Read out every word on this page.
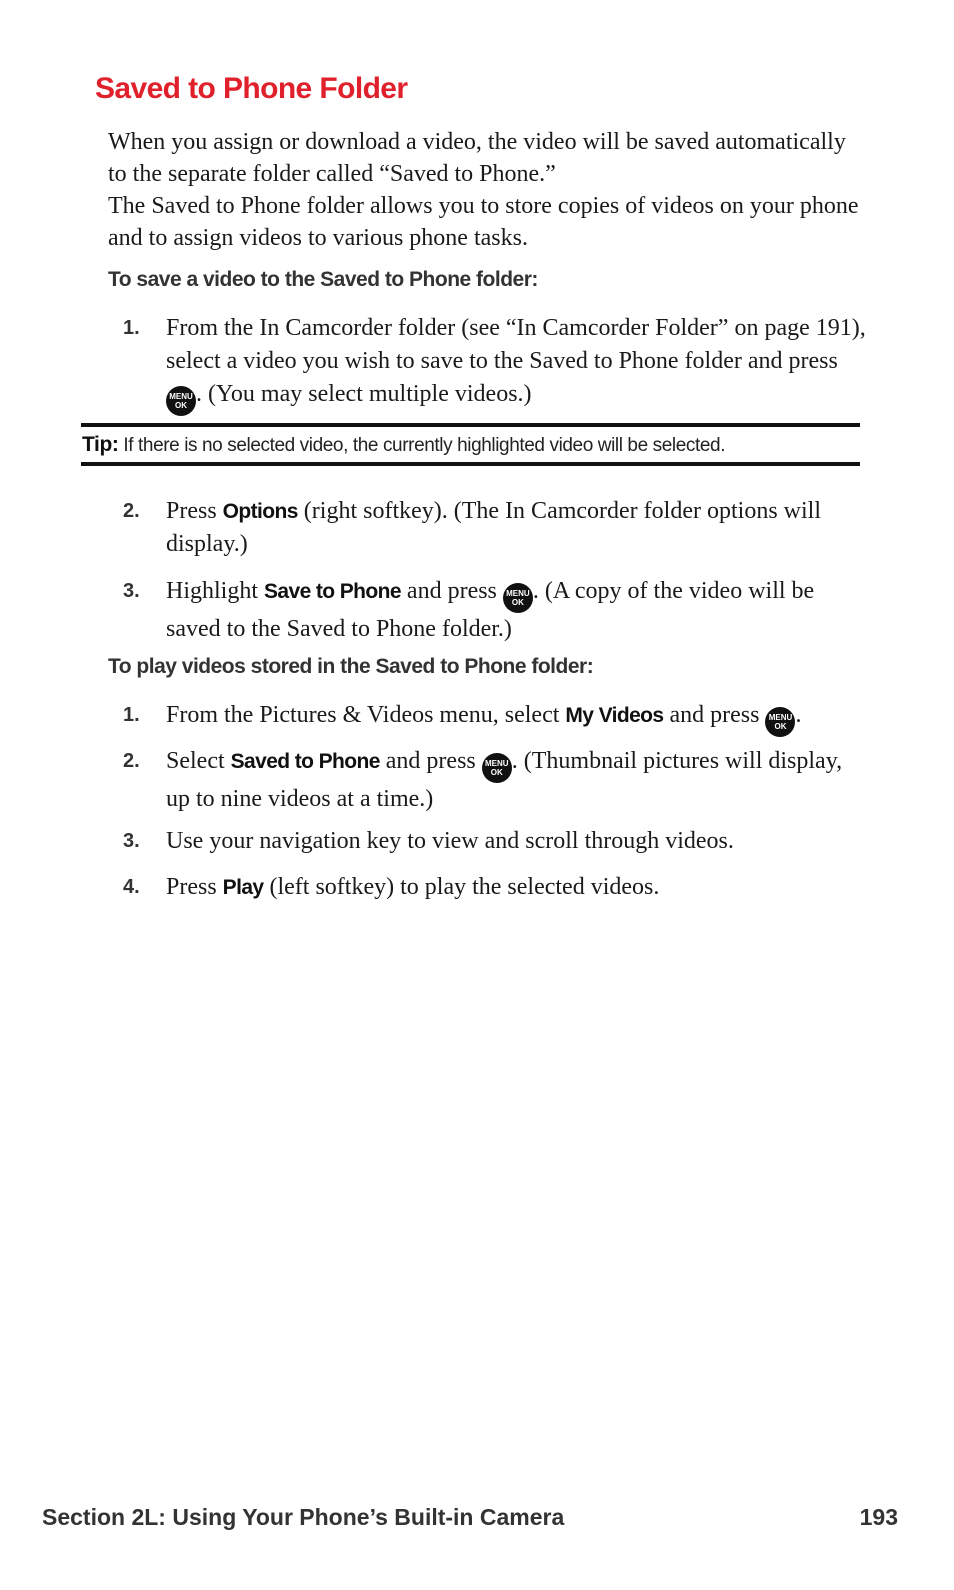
Saved to Phone Folder

When you assign or download a video, the video will be saved automatically to the separate folder called “Saved to Phone.”

The Saved to Phone folder allows you to store copies of videos on your phone and to assign videos to various phone tasks.

To save a video to the Saved to Phone folder:
1. From the In Camcorder folder (see “In Camcorder Folder” on page 191), select a video you wish to save to the Saved to Phone folder and press MENU
OK . (You may select multiple videos.)
Tip: If there is no selected video, the currently highlighted video will be selected.
2. Press Options (right softkey). (The In Camcorder folder options will display.)
3. Highlight Save to Phone and press MENU
OK . (A copy of the video will be saved to the Saved to Phone folder.)
To play videos stored in the Saved to Phone folder:
1. From the Pictures & Videos menu, select My Videos and press MENU
OK .
2. Select Saved to Phone and press MENU
OK . (Thumbnail pictures will display, up to nine videos at a time.)
3. Use your navigation key to view and scroll through videos.
4. Press Play (left softkey) to play the selected videos.
Section 2L: Using Your Phone’s Built-in Camera	193
